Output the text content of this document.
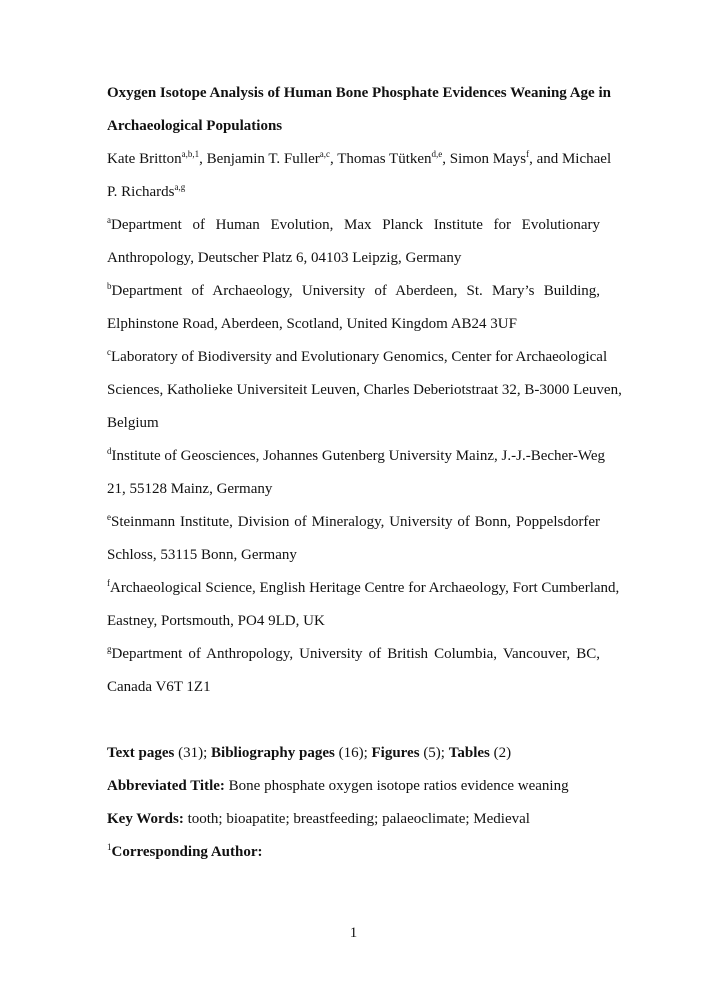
Oxygen Isotope Analysis of Human Bone Phosphate Evidences Weaning Age in
Archaeological Populations
Kate Britton$^{a,b,1}$, Benjamin T. Fuller$^{a,c}$, Thomas Tütken$^{d,e}$, Simon Mays$^f$, and Michael
P. Richards$^{a,g}$
$^a$Department of Human Evolution, Max Planck Institute for Evolutionary
Anthropology, Deutscher Platz 6, 04103 Leipzig, Germany
$^b$Department of Archaeology, University of Aberdeen, St. Mary’s Building,
Elphinstone Road, Aberdeen, Scotland, United Kingdom AB24 3UF
$^c$Laboratory of Biodiversity and Evolutionary Genomics, Center for Archaeological
Sciences, Katholieke Universiteit Leuven, Charles Deberiotstraat 32, B-3000 Leuven,
Belgium
$^d$Institute of Geosciences, Johannes Gutenberg University Mainz, J.-J.-Becher-Weg
21, 55128 Mainz, Germany
$^e$Steinmann Institute, Division of Mineralogy, University of Bonn, Poppelsdorfer
Schloss, 53115 Bonn, Germany
$^f$Archaeological Science, English Heritage Centre for Archaeology, Fort Cumberland,
Eastney, Portsmouth, PO4 9LD, UK
$^g$Department of Anthropology, University of British Columbia, Vancouver, BC,
Canada V6T 1Z1
Text pages (31); Bibliography pages (16); Figures (5); Tables (2)
Abbreviated Title: Bone phosphate oxygen isotope ratios evidence weaning
Key Words: tooth; bioapatite; breastfeeding; palaeoclimate; Medieval
$^1$Corresponding Author:
1
